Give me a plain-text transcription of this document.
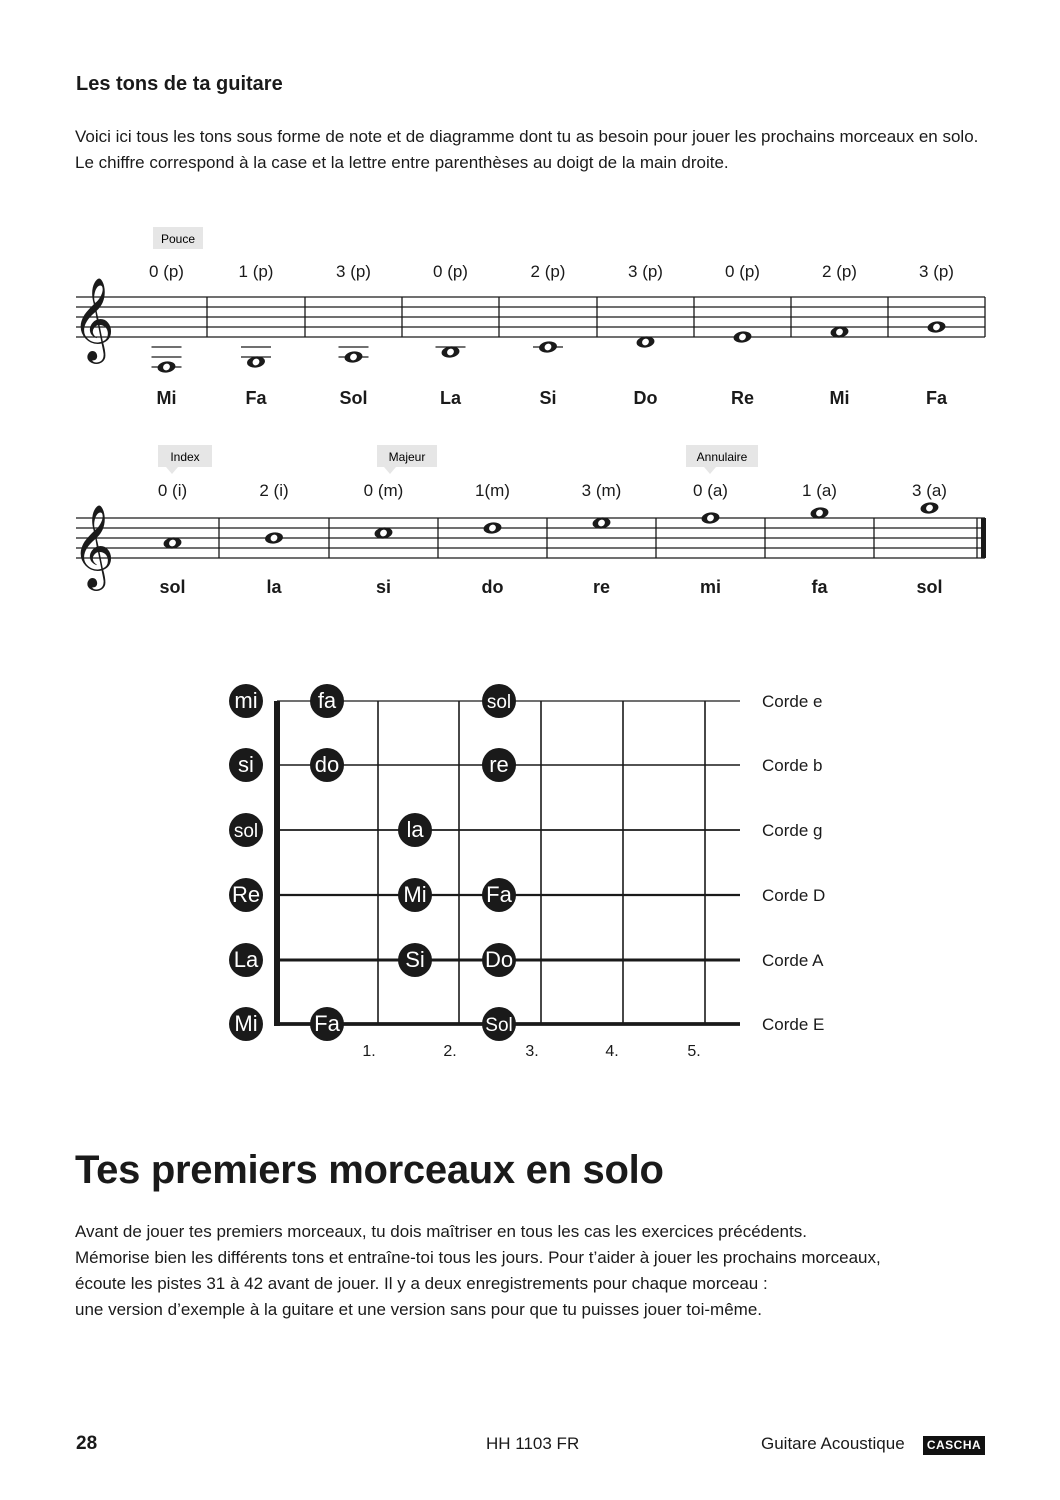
Les tons de ta guitare

Voici ici tous les tons sous forme de note et de diagramme dont tu as besoin pour jouer les prochains morceaux en solo. Le chiffre correspond à la case et la lettre entre parenthèses au doigt de la main droite.

Pouce
𝄞
0 (p)
Mi
1 (p)
Fa
3 (p)
Sol
0 (p)
La
2 (p)
Si
3 (p)
Do
0 (p)
Re
2 (p)
Mi
3 (p)
Fa
Index	Majeur	Annulaire
𝄞
0 (i)
sol
2 (i)
la
0 (m)
si
1(m)
do
3 (m)
re
0 (a)
mi
1 (a)
fa
3 (a)
sol
Corde e
Corde b
Corde g
Corde D
Corde A
Corde E
1.	2.	3.	4.	5.
mi
si
sol
Re
La
Mi
fa	sol
do	re
la
Mi	Fa
Si	Do
Fa	Sol
Tes premiers morceaux en solo
Avant de jouer tes premiers morceaux, tu dois maîtriser en tous les cas les exercices précédents.
Mémorise bien les différents tons et entraîne-toi tous les jours. Pour t’aider à jouer les prochains morceaux,
écoute les pistes 31 à 42 avant de jouer. Il y a deux enregistrements pour chaque morceau :
une version d’exemple à la guitare et une version sans pour que tu puisses jouer toi-même.
28	HH 1103 FR	Guitare Acoustique	CASCHA
